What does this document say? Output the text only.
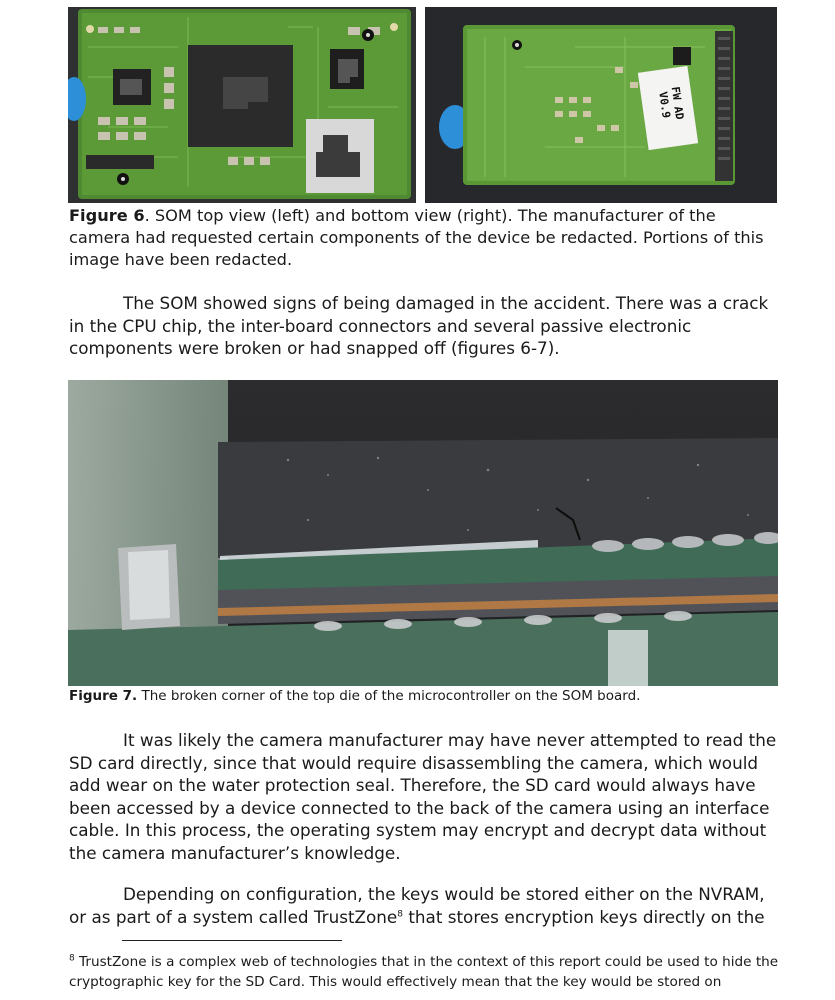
FW AD
V0.9

Figure 6. SOM top view (left) and bottom view (right). The manufacturer of the camera had requested certain components of the device be redacted. Portions of this image have been redacted.

The SOM showed signs of being damaged in the accident. There was a crack in the CPU chip, the inter-board connectors and several passive electronic components were broken or had snapped off (figures 6-7).

Figure 7. The broken corner of the top die of the microcontroller on the SOM board.

It was likely the camera manufacturer may have never attempted to read the SD card directly, since that would require disassembling the camera, which would add wear on the water protection seal. Therefore, the SD card would always have been accessed by a device connected to the back of the camera using an interface cable. In this process, the operating system may encrypt and decrypt data without the camera manufacturer’s knowledge.

Depending on configuration, the keys would be stored either on the NVRAM, or as part of a system called TrustZone$^8$ that stores encryption keys directly on the

$^8$ TrustZone is a complex web of technologies that in the context of this report could be used to hide the cryptographic key for the SD Card. This would effectively mean that the key would be stored on
